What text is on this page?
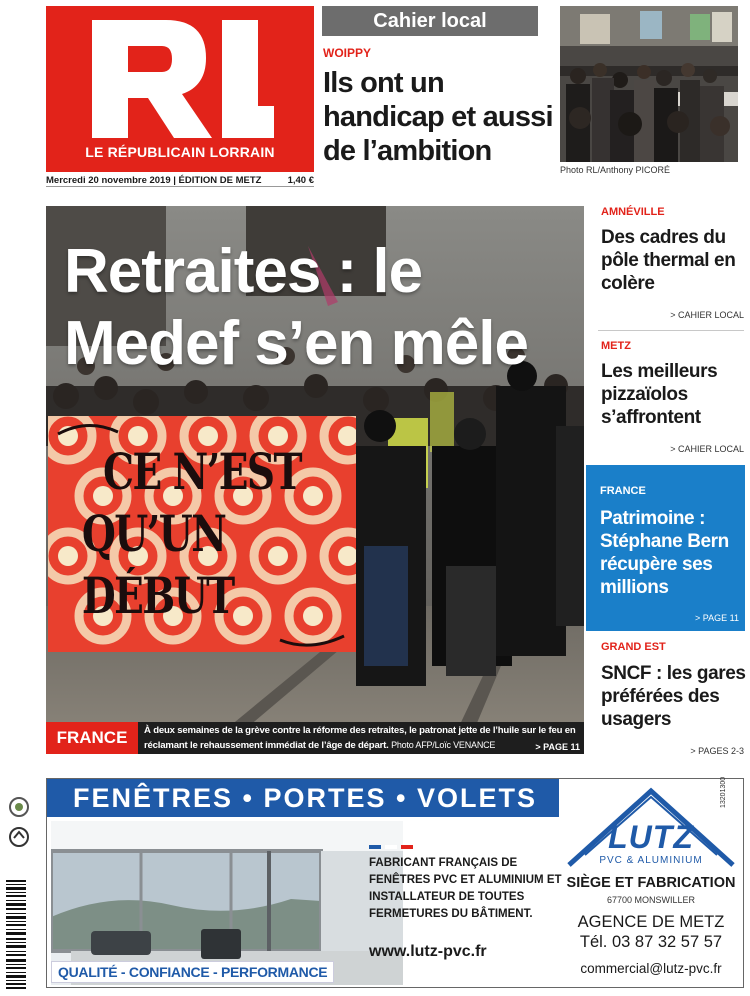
LE RÉPUBLICAIN LORRAIN
Mercredi 20 novembre 2019 | ÉDITION DE METZ	1,40 €
Cahier local
WOIPPY
Ils ont un handicap et aussi de l’ambition
Photo RL/Anthony PICORÉ
Retraites : le Medef s’en mêle
CE N’EST
QU’UN DÉBUT
FRANCE	À deux semaines de la grève contre la réforme des retraites, le patronat jette de l’huile sur le feu en réclamant le rehaussement immédiat de l’âge de départ. Photo AFP/Loïc VENANCE	> PAGE 11
AMNÉVILLE
Des cadres du pôle thermal en colère
> CAHIER LOCAL
METZ
Les meilleurs pizzaïolos s’affrontent
> CAHIER LOCAL
FRANCE
Patrimoine : Stéphane Bern récupère ses millions
> PAGE 11
GRAND EST
SNCF : les gares préférées des usagers
> PAGES 2-3
FENÊTRES • PORTES • VOLETS
QUALITÉ - CONFIANCE - PERFORMANCE
FABRICANT FRANÇAIS DE FENÊTRES PVC ET ALUMINIUM ET INSTALLATEUR DE TOUTES FERMETURES DU BÂTIMENT.
www.lutz-pvc.fr
LUTZ
PVC & ALUMINIUM
SIÈGE ET FABRICATION
67700 MONSWILLER
AGENCE DE METZ
Tél. 03 87 32 57 57
commercial@lutz-pvc.fr
13201300
